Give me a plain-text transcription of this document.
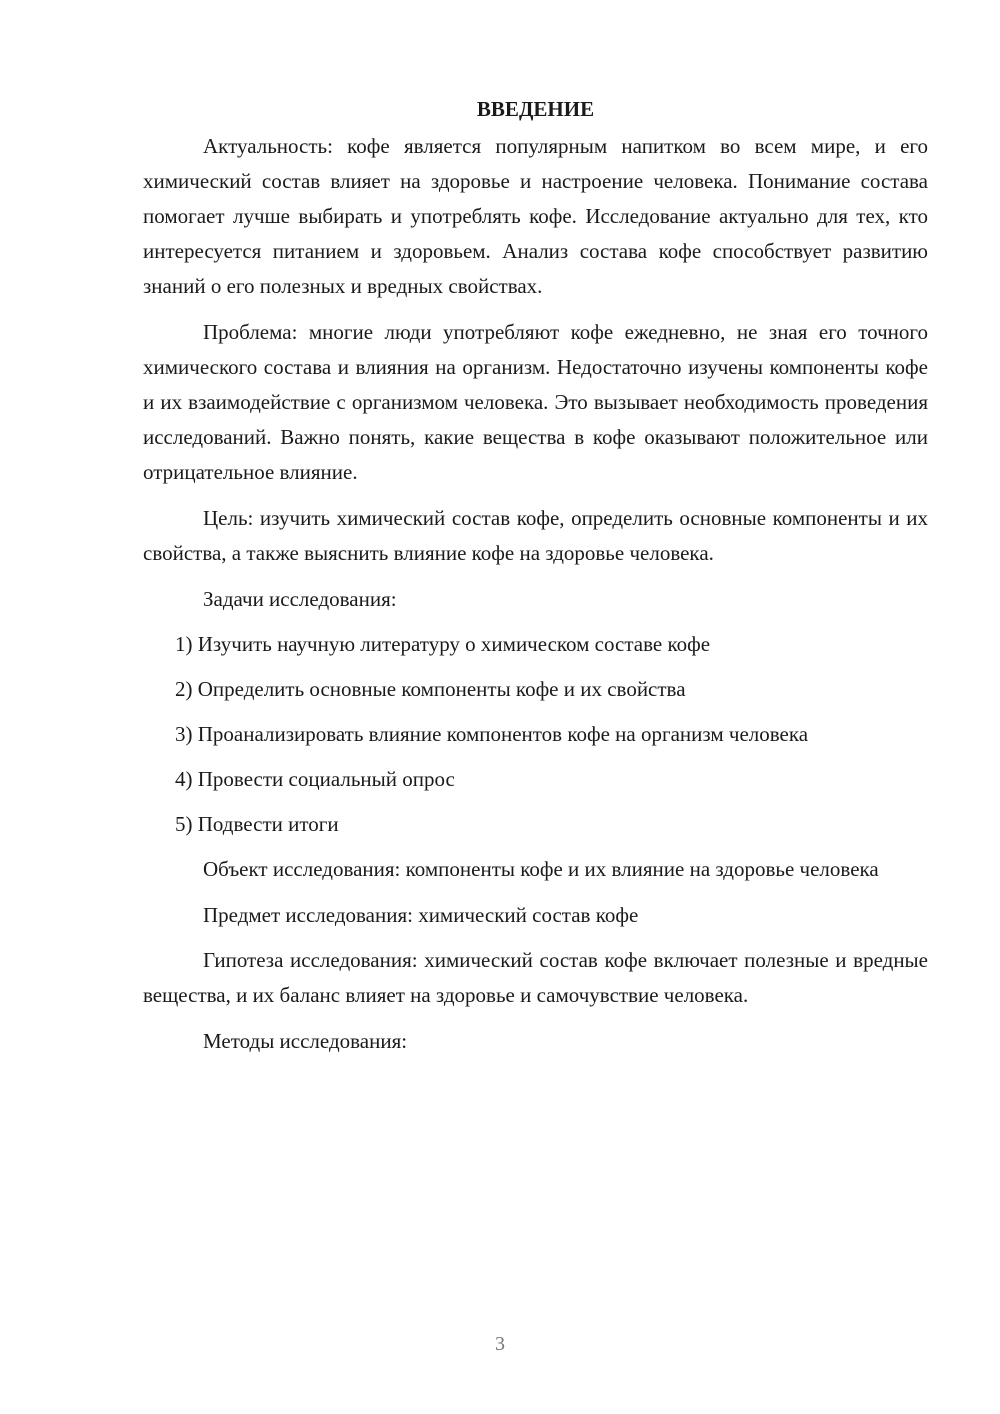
ВВЕДЕНИЕ

Актуальность: кофе является популярным напитком во всем мире, и его химический состав влияет на здоровье и настроение человека. Понимание состава помогает лучше выбирать и употреблять кофе. Исследование актуально для тех, кто интересуется питанием и здоровьем. Анализ состава кофе способствует развитию знаний о его полезных и вредных свойствах.

Проблема: многие люди употребляют кофе ежедневно, не зная его точного химического состава и влияния на организм. Недостаточно изучены компоненты кофе и их взаимодействие с организмом человека. Это вызывает необходимость проведения исследований. Важно понять, какие вещества в кофе оказывают положительное или отрицательное влияние.

Цель: изучить химический состав кофе, определить основные компоненты и их свойства, а также выяснить влияние кофе на здоровье человека.

Задачи исследования:

1) Изучить научную литературу о химическом составе кофе

2) Определить основные компоненты кофе и их свойства

3) Проанализировать влияние компонентов кофе на организм человека

4) Провести социальный опрос

5) Подвести итоги

Объект исследования: компоненты кофе и их влияние на здоровье человека

Предмет исследования: химический состав кофе

Гипотеза исследования: химический состав кофе включает полезные и вредные вещества, и их баланс влияет на здоровье и самочувствие человека.

Методы исследования:

3
